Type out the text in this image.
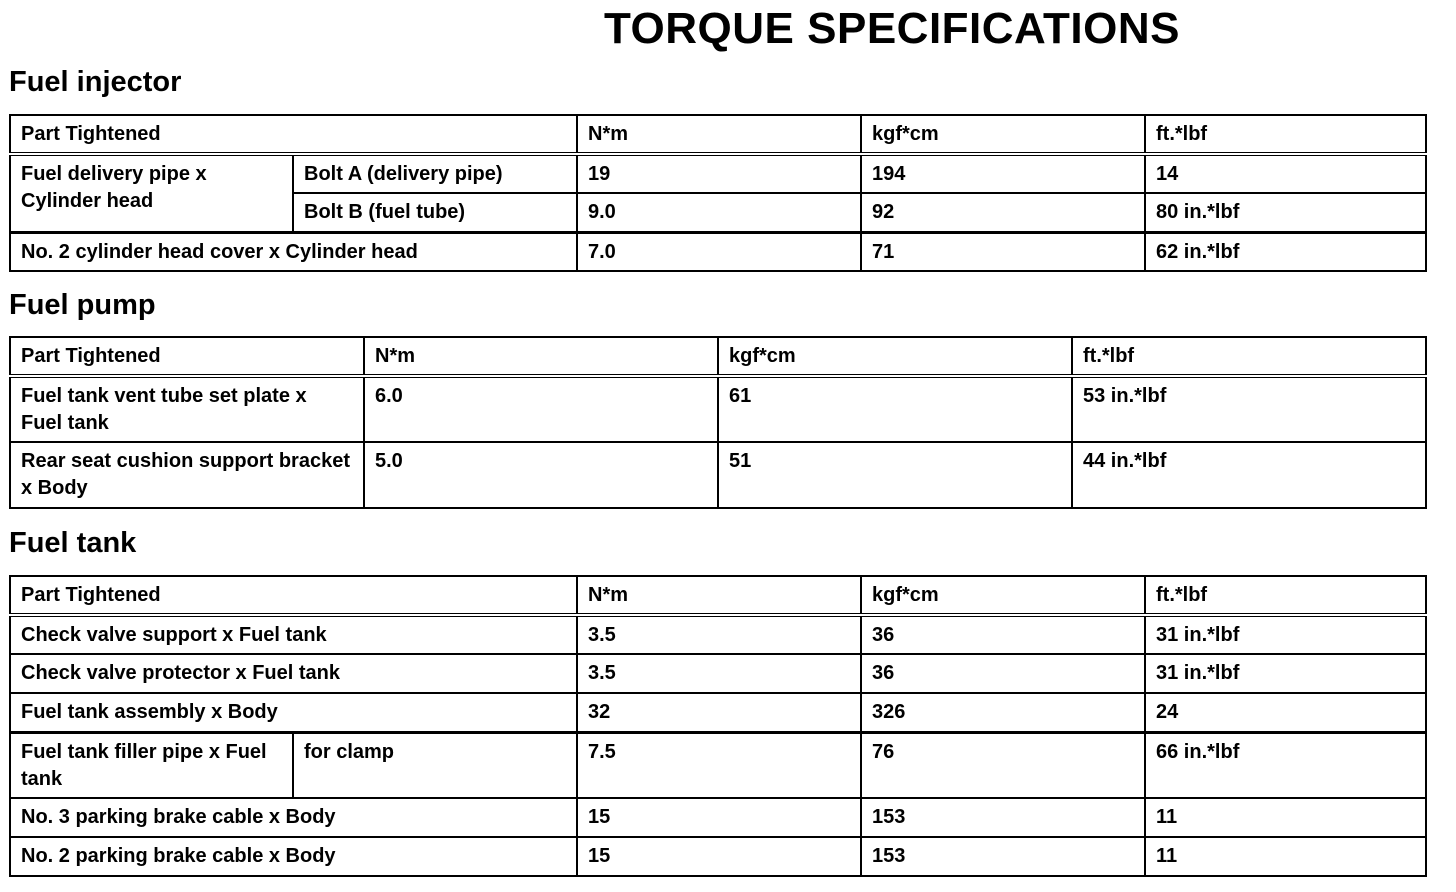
TORQUE SPECIFICATIONS
Fuel injector
Part Tightened		N*m	kgf*cm	ft.*lbf
Fuel delivery pipe x Cylinder head	Bolt A (delivery pipe)	19	194	14
	Bolt B (fuel tube)	9.0	92	80 in.*lbf
No. 2 cylinder head cover x Cylinder head		7.0	71	62 in.*lbf
Fuel pump
Part Tightened	N*m	kgf*cm	ft.*lbf
Fuel tank vent tube set plate x Fuel tank	6.0	61	53 in.*lbf
Rear seat cushion support bracket x Body	5.0	51	44 in.*lbf
Fuel tank
Part Tightened		N*m	kgf*cm	ft.*lbf
Check valve support x Fuel tank		3.5	36	31 in.*lbf
Check valve protector x Fuel tank		3.5	36	31 in.*lbf
Fuel tank assembly x Body		32	326	24
Fuel tank filler pipe x Fuel tank	for clamp	7.5	76	66 in.*lbf
No. 3 parking brake cable x Body		15	153	11
No. 2 parking brake cable x Body		15	153	11
